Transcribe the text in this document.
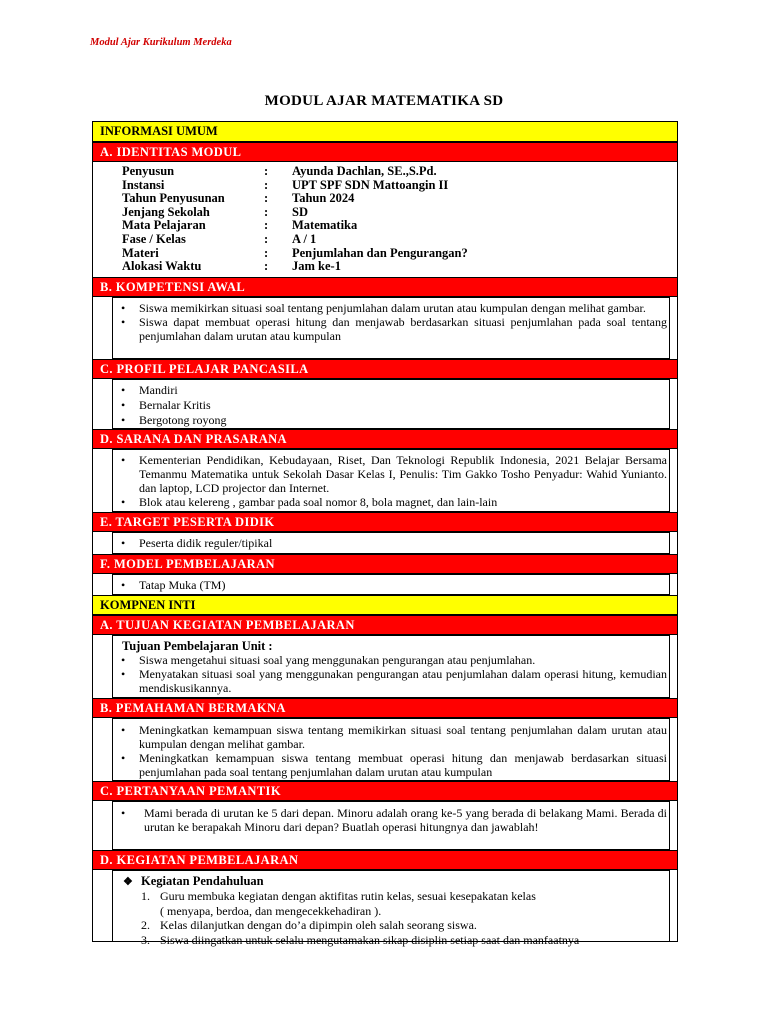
Modul Ajar Kurikulum Merdeka
MODUL AJAR MATEMATIKA SD
INFORMASI UMUM
A. IDENTITAS MODUL
Penyusun	:	Ayunda Dachlan, SE.,S.Pd.
Instansi	:	UPT SPF SDN Mattoangin II
Tahun Penyusunan	:	Tahun 2024
Jenjang Sekolah	:	SD
Mata Pelajaran	:	Matematika
Fase / Kelas	:	A / 1
Materi	:	Penjumlahan dan Pengurangan?
Alokasi Waktu	:	Jam ke-1
B. KOMPETENSI AWAL
• Siswa memikirkan situasi soal tentang penjumlahan dalam urutan atau kumpulan dengan melihat gambar.
• Siswa dapat membuat operasi hitung dan menjawab berdasarkan situasi penjumlahan pada soal tentang penjumlahan dalam urutan atau kumpulan
C. PROFIL PELAJAR PANCASILA
• Mandiri
• Bernalar Kritis
• Bergotong royong
D. SARANA DAN PRASARANA
• Kementerian Pendidikan, Kebudayaan, Riset, Dan Teknologi Republik Indonesia, 2021 Belajar Bersama Temanmu Matematika untuk Sekolah Dasar Kelas I, Penulis: Tim Gakko Tosho Penyadur: Wahid Yunianto. dan laptop, LCD projector dan Internet.
• Blok atau kelereng , gambar pada soal nomor 8, bola magnet, dan lain-lain
E. TARGET PESERTA DIDIK
• Peserta didik reguler/tipikal
F. MODEL PEMBELAJARAN
• Tatap Muka (TM)
KOMPNEN INTI
A. TUJUAN KEGIATAN PEMBELAJARAN
Tujuan Pembelajaran Unit :
• Siswa mengetahui situasi soal yang menggunakan pengurangan atau penjumlahan.
• Menyatakan situasi soal yang menggunakan pengurangan atau penjumlahan dalam operasi hitung, kemudian mendiskusikannya.
B. PEMAHAMAN BERMAKNA
• Meningkatkan kemampuan siswa tentang memikirkan situasi soal tentang penjumlahan dalam urutan atau kumpulan dengan melihat gambar.
• Meningkatkan kemampuan siswa tentang membuat operasi hitung dan menjawab berdasarkan situasi penjumlahan pada soal tentang penjumlahan dalam urutan atau kumpulan
C. PERTANYAAN PEMANTIK
• Mami berada di urutan ke 5 dari depan. Minoru adalah orang ke-5 yang berada di belakang Mami. Berada di urutan ke berapakah Minoru dari depan? Buatlah operasi hitungnya dan jawablah!
D. KEGIATAN PEMBELAJARAN
❖ Kegiatan Pendahuluan
1. Guru membuka kegiatan dengan aktifitas rutin kelas, sesuai kesepakatan kelas
( menyapa, berdoa, dan mengecekkehadiran ).
2. Kelas dilanjutkan dengan do’a dipimpin oleh salah seorang siswa.
3. Siswa diingatkan untuk selalu mengutamakan sikap disiplin setiap saat dan manfaatnya
